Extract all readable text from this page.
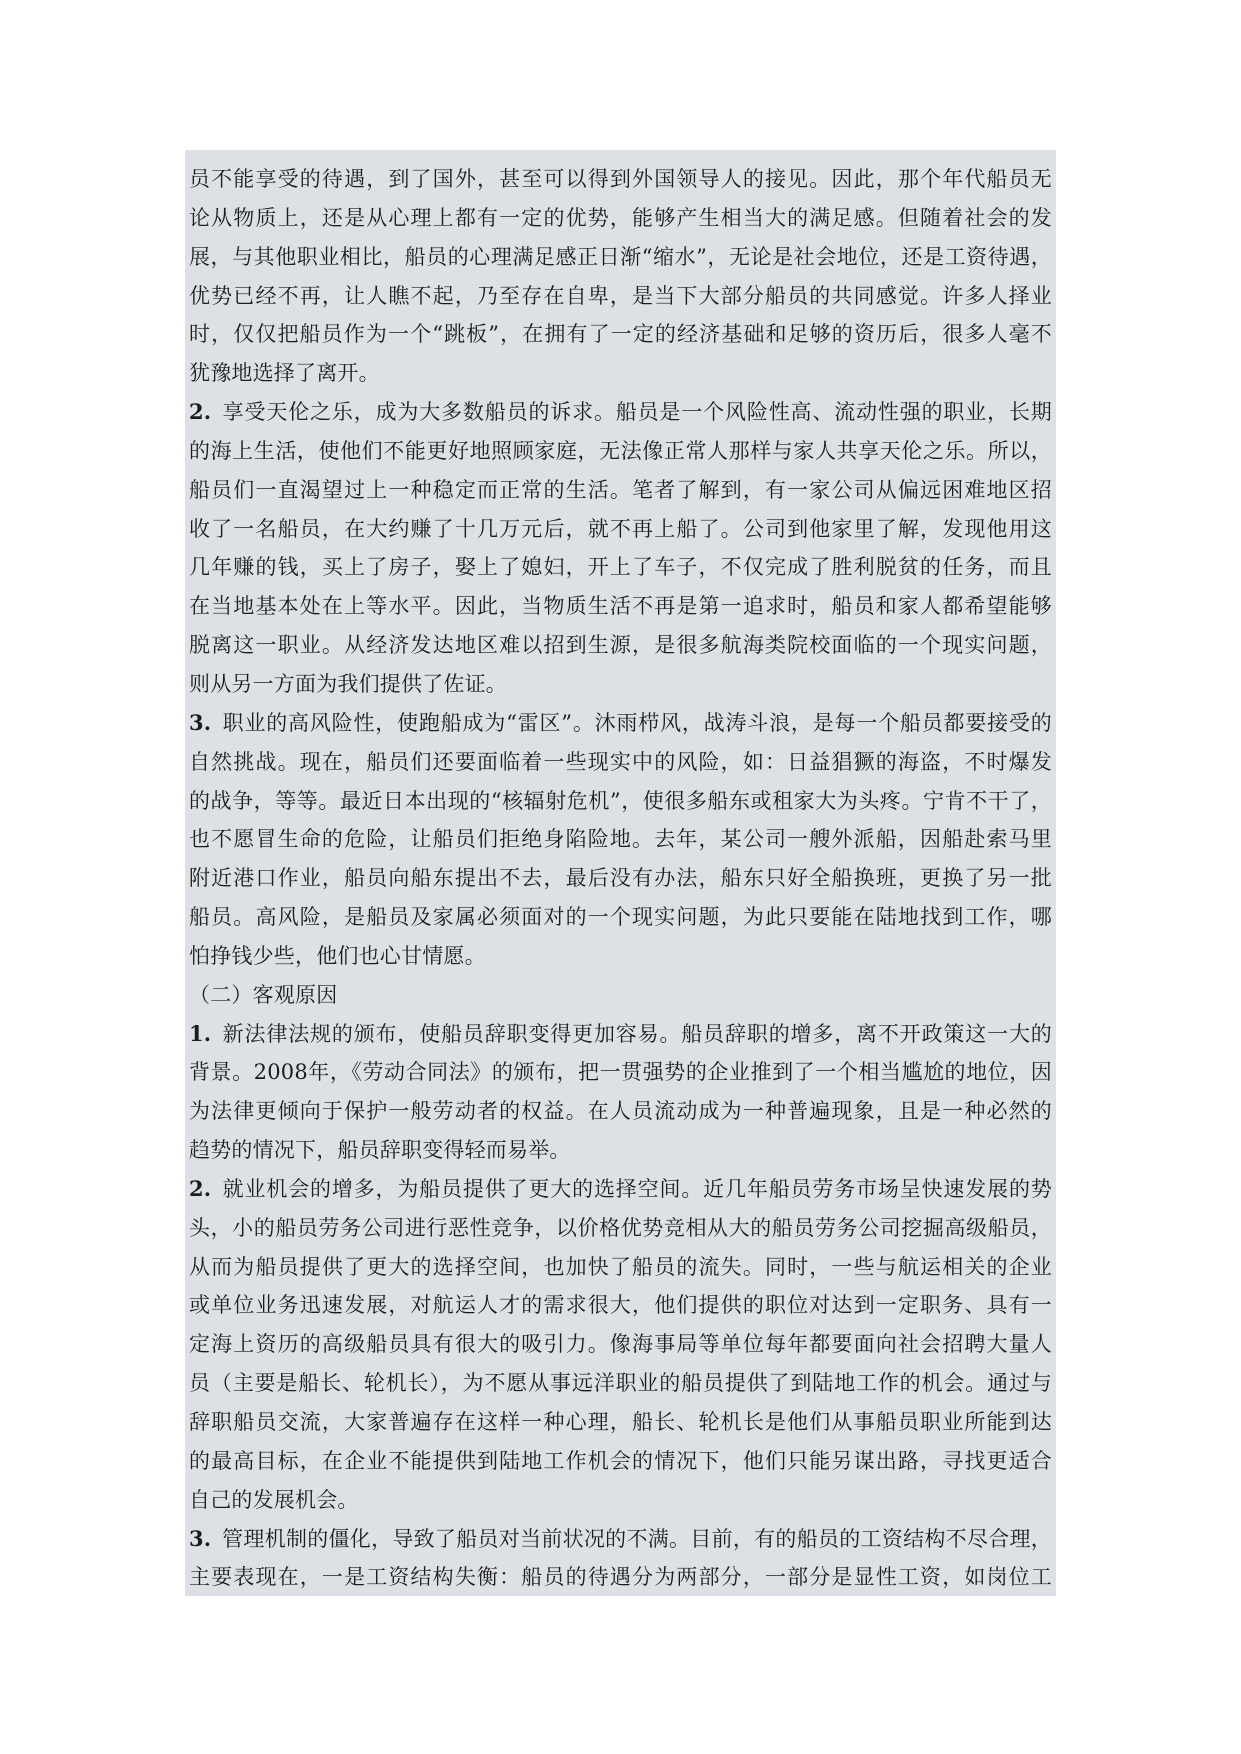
员不能享受的待遇，到了国外，甚至可以得到外国领导人的接见。因此，那个年代船员无
论从物质上，还是从心理上都有一定的优势，能够产生相当大的满足感。但随着社会的发
展，与其他职业相比，船员的心理满足感正日渐“缩水”，无论是社会地位，还是工资待遇，
优势已经不再，让人瞧不起，乃至存在自卑，是当下大部分船员的共同感觉。许多人择业
时，仅仅把船员作为一个“跳板”，在拥有了一定的经济基础和足够的资历后，很多人毫不
犹豫地选择了离开。
2.  享受天伦之乐，成为大多数船员的诉求。船员是一个风险性高、流动性强的职业，长期
的海上生活，使他们不能更好地照顾家庭，无法像正常人那样与家人共享天伦之乐。所以，
船员们一直渴望过上一种稳定而正常的生活。笔者了解到，有一家公司从偏远困难地区招
收了一名船员，在大约赚了十几万元后，就不再上船了。公司到他家里了解，发现他用这
几年赚的钱，买上了房子，娶上了媳妇，开上了车子，不仅完成了胜利脱贫的任务，而且
在当地基本处在上等水平。因此，当物质生活不再是第一追求时，船员和家人都希望能够
脱离这一职业。从经济发达地区难以招到生源，是很多航海类院校面临的一个现实问题，
则从另一方面为我们提供了佐证。
3.  职业的高风险性，使跑船成为“雷区”。沐雨栉风，战涛斗浪，是每一个船员都要接受的
自然挑战。现在，船员们还要面临着一些现实中的风险，如：日益猖獗的海盗，不时爆发
的战争，等等。最近日本出现的“核辐射危机”，使很多船东或租家大为头疼。宁肯不干了，
也不愿冒生命的危险，让船员们拒绝身陷险地。去年，某公司一艘外派船，因船赴索马里
附近港口作业，船员向船东提出不去，最后没有办法，船东只好全船换班，更换了另一批
船员。高风险，是船员及家属必须面对的一个现实问题，为此只要能在陆地找到工作，哪
怕挣钱少些，他们也心甘情愿。
（二）客观原因
1.  新法律法规的颁布，使船员辞职变得更加容易。船员辞职的增多，离不开政策这一大的
背景。2008年，《劳动合同法》的颁布，把一贯强势的企业推到了一个相当尴尬的地位，因
为法律更倾向于保护一般劳动者的权益。在人员流动成为一种普遍现象，且是一种必然的
趋势的情况下，船员辞职变得轻而易举。
2.  就业机会的增多，为船员提供了更大的选择空间。近几年船员劳务市场呈快速发展的势
头，小的船员劳务公司进行恶性竞争，以价格优势竞相从大的船员劳务公司挖掘高级船员，
从而为船员提供了更大的选择空间，也加快了船员的流失。同时，一些与航运相关的企业
或单位业务迅速发展，对航运人才的需求很大，他们提供的职位对达到一定职务、具有一
定海上资历的高级船员具有很大的吸引力。像海事局等单位每年都要面向社会招聘大量人
员（主要是船长、轮机长），为不愿从事远洋职业的船员提供了到陆地工作的机会。通过与
辞职船员交流，大家普遍存在这样一种心理，船长、轮机长是他们从事船员职业所能到达
的最高目标，在企业不能提供到陆地工作机会的情况下，他们只能另谋出路，寻找更适合
自己的发展机会。
3.  管理机制的僵化，导致了船员对当前状况的不满。目前，有的船员的工资结构不尽合理，
主要表现在，一是工资结构失衡：船员的待遇分为两部分，一部分是显性工资，如岗位工
